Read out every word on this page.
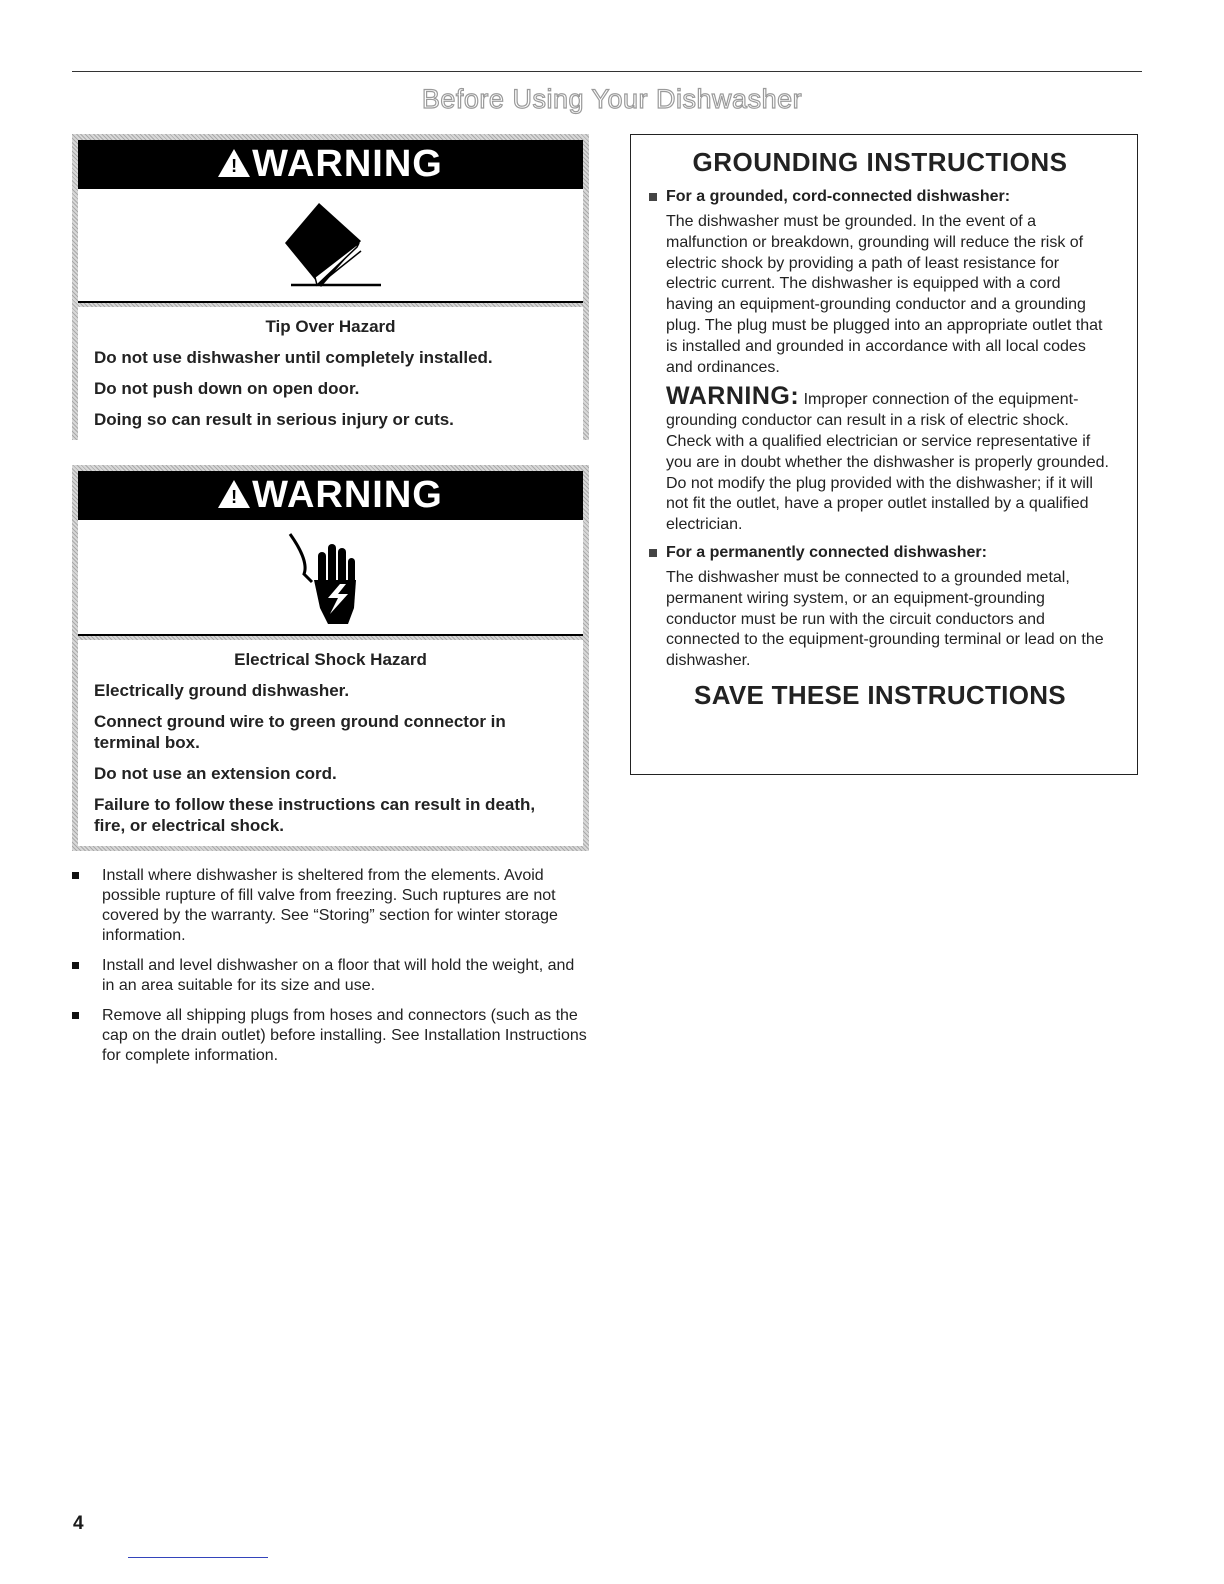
Before Using Your Dishwasher
!
WARNING

Tip Over Hazard

Do not use dishwasher until completely installed.

Do not push down on open door.

Doing so can result in serious injury or cuts.

!
WARNING

Electrical Shock Hazard

Electrically ground dishwasher.

Connect ground wire to green ground connector in terminal box.

Do not use an extension cord.

Failure to follow these instructions can result in death, fire, or electrical shock.

Install where dishwasher is sheltered from the elements. Avoid possible rupture of fill valve from freezing. Such ruptures are not covered by the warranty. See “Storing” section for winter storage information.
Install and level dishwasher on a floor that will hold the weight, and in an area suitable for its size and use.
Remove all shipping plugs from hoses and connectors (such as the cap on the drain outlet) before installing. See Installation Instructions for complete information.
GROUNDING INSTRUCTIONS
For a grounded, cord-connected dishwasher:

The dishwasher must be grounded. In the event of a malfunction or breakdown, grounding will reduce the risk of electric shock by providing a path of least resistance for electric current. The dishwasher is equipped with a cord having an equipment-grounding conductor and a grounding plug. The plug must be plugged into an appropriate outlet that is installed and grounded in accordance with all local codes and ordinances.

WARNING: Improper connection of the equipment-grounding conductor can result in a risk of electric shock. Check with a qualified electrician or service representative if you are in doubt whether the dishwasher is properly grounded. Do not modify the plug provided with the dishwasher; if it will not fit the outlet, have a proper outlet installed by a qualified electrician.

For a permanently connected dishwasher:

The dishwasher must be connected to a grounded metal, permanent wiring system, or an equipment-grounding conductor must be run with the circuit conductors and connected to the equipment-grounding terminal or lead on the dishwasher.

SAVE THESE INSTRUCTIONS
4
